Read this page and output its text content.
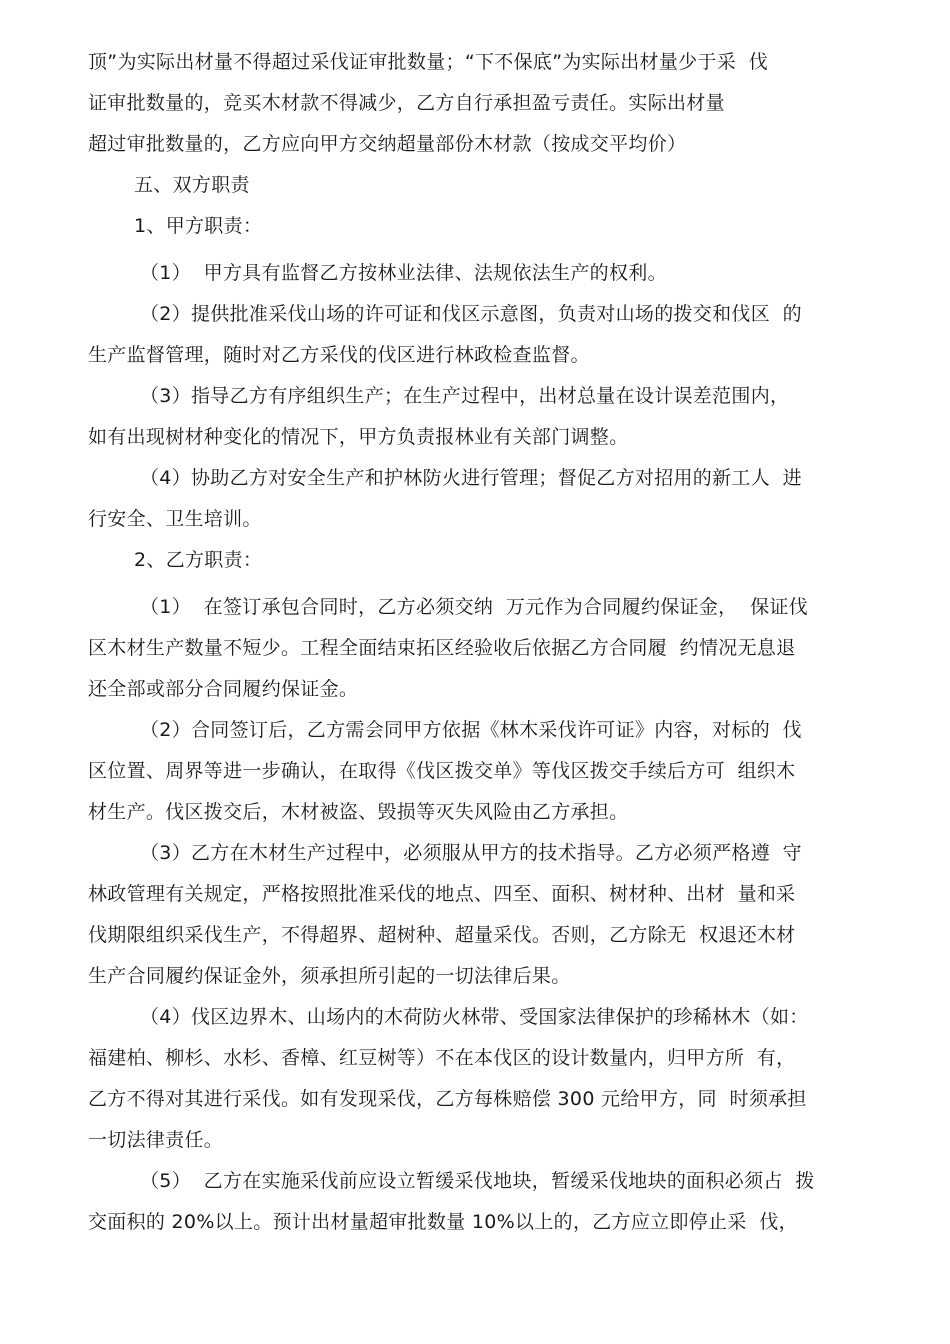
顶”为实际出材量不得超过采伐证审批数量；“下不保底”为实际出材量少于采  伐
证审批数量的，竞买木材款不得减少，乙方自行承担盈亏责任。实际出材量
超过审批数量的，乙方应向甲方交纳超量部份木材款（按成交平均价）
五、双方职责
1、甲方职责：
（1）  甲方具有监督乙方按林业法律、法规依法生产的权利。
（2）提供批准采伐山场的许可证和伐区示意图，负责对山场的拨交和伐区  的
生产监督管理，随时对乙方采伐的伐区进行林政检查监督。
（3）指导乙方有序组织生产；在生产过程中，出材总量在设计误差范围内，
如有出现树材种变化的情况下，甲方负责报林业有关部门调整。
（4）协助乙方对安全生产和护林防火进行管理；督促乙方对招用的新工人  进
行安全、卫生培训。
2、乙方职责：
（1）  在签订承包合同时，乙方必须交纳  万元作为合同履约保证金，  保证伐
区木材生产数量不短少。工程全面结束拓区经验收后依据乙方合同履  约情况无息退
还全部或部分合同履约保证金。
（2）合同签订后，乙方需会同甲方依据《林木采伐许可证》内容，对标的  伐
区位置、周界等进一步确认，在取得《伐区拨交单》等伐区拨交手续后方可  组织木
材生产。伐区拨交后，木材被盗、毁损等灭失风险由乙方承担。
（3）乙方在木材生产过程中，必须服从甲方的技术指导。乙方必须严格遵  守
林政管理有关规定，严格按照批准采伐的地点、四至、面积、树材种、出材  量和采
伐期限组织采伐生产，不得超界、超树种、超量采伐。否则，乙方除无  权退还木材
生产合同履约保证金外，须承担所引起的一切法律后果。
（4）伐区边界木、山场内的木荷防火林带、受国家法律保护的珍稀林木（如：
福建柏、柳杉、水杉、香樟、红豆树等）不在本伐区的设计数量内，归甲方所  有，
乙方不得对其进行采伐。如有发现采伐，乙方每株赔偿 300 元给甲方，同  时须承担
一切法律责任。
（5）  乙方在实施采伐前应设立暂缓采伐地块，暂缓采伐地块的面积必须占  拨
交面积的 20%以上。预计出材量超审批数量 10%以上的，乙方应立即停止采  伐，
